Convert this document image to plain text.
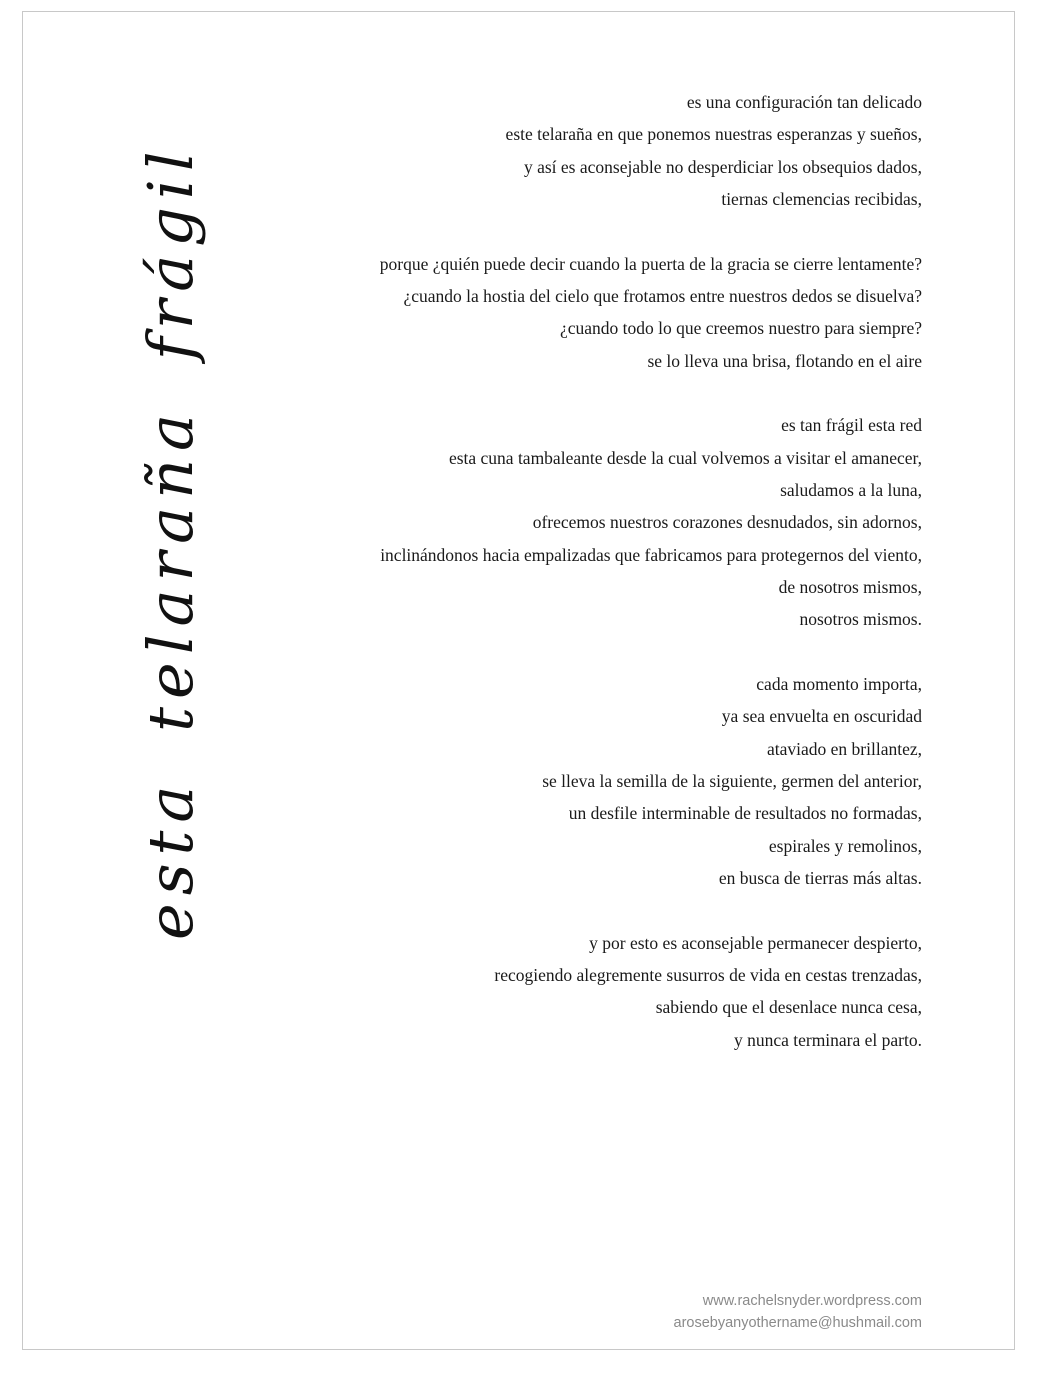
esta telaraña frágil
es una configuración tan delicado
este telaraña en que ponemos nuestras esperanzas y sueños,
y así es aconsejable no desperdiciar los obsequios dados,
tiernas clemencias recibidas,
porque ¿quién puede decir cuando la puerta de la gracia se cierre lentamente?
¿cuando la hostia del cielo que frotamos entre nuestros dedos se disuelva?
¿cuando todo lo que creemos nuestro para siempre?
se lo lleva una brisa, flotando en el aire
es tan frágil esta red
esta cuna tambaleante desde la cual volvemos a visitar el amanecer,
saludamos a la luna,
ofrecemos nuestros corazones desnudados, sin adornos,
inclinándonos hacia empalizadas que fabricamos para protegernos del viento,
de nosotros mismos,
nosotros mismos.
cada momento importa,
ya sea envuelta en oscuridad
ataviado en brillantez,
se lleva la semilla de la siguiente, germen del anterior,
un desfile interminable de resultados no formadas,
espirales y remolinos,
en busca de tierras más altas.
y por esto es aconsejable permanecer despierto,
recogiendo alegremente susurros de vida en cestas trenzadas,
sabiendo que el desenlace nunca cesa,
y nunca terminara el parto.
www.rachelsnyder.wordpress.com
arosebyanyothername@hushmail.com
